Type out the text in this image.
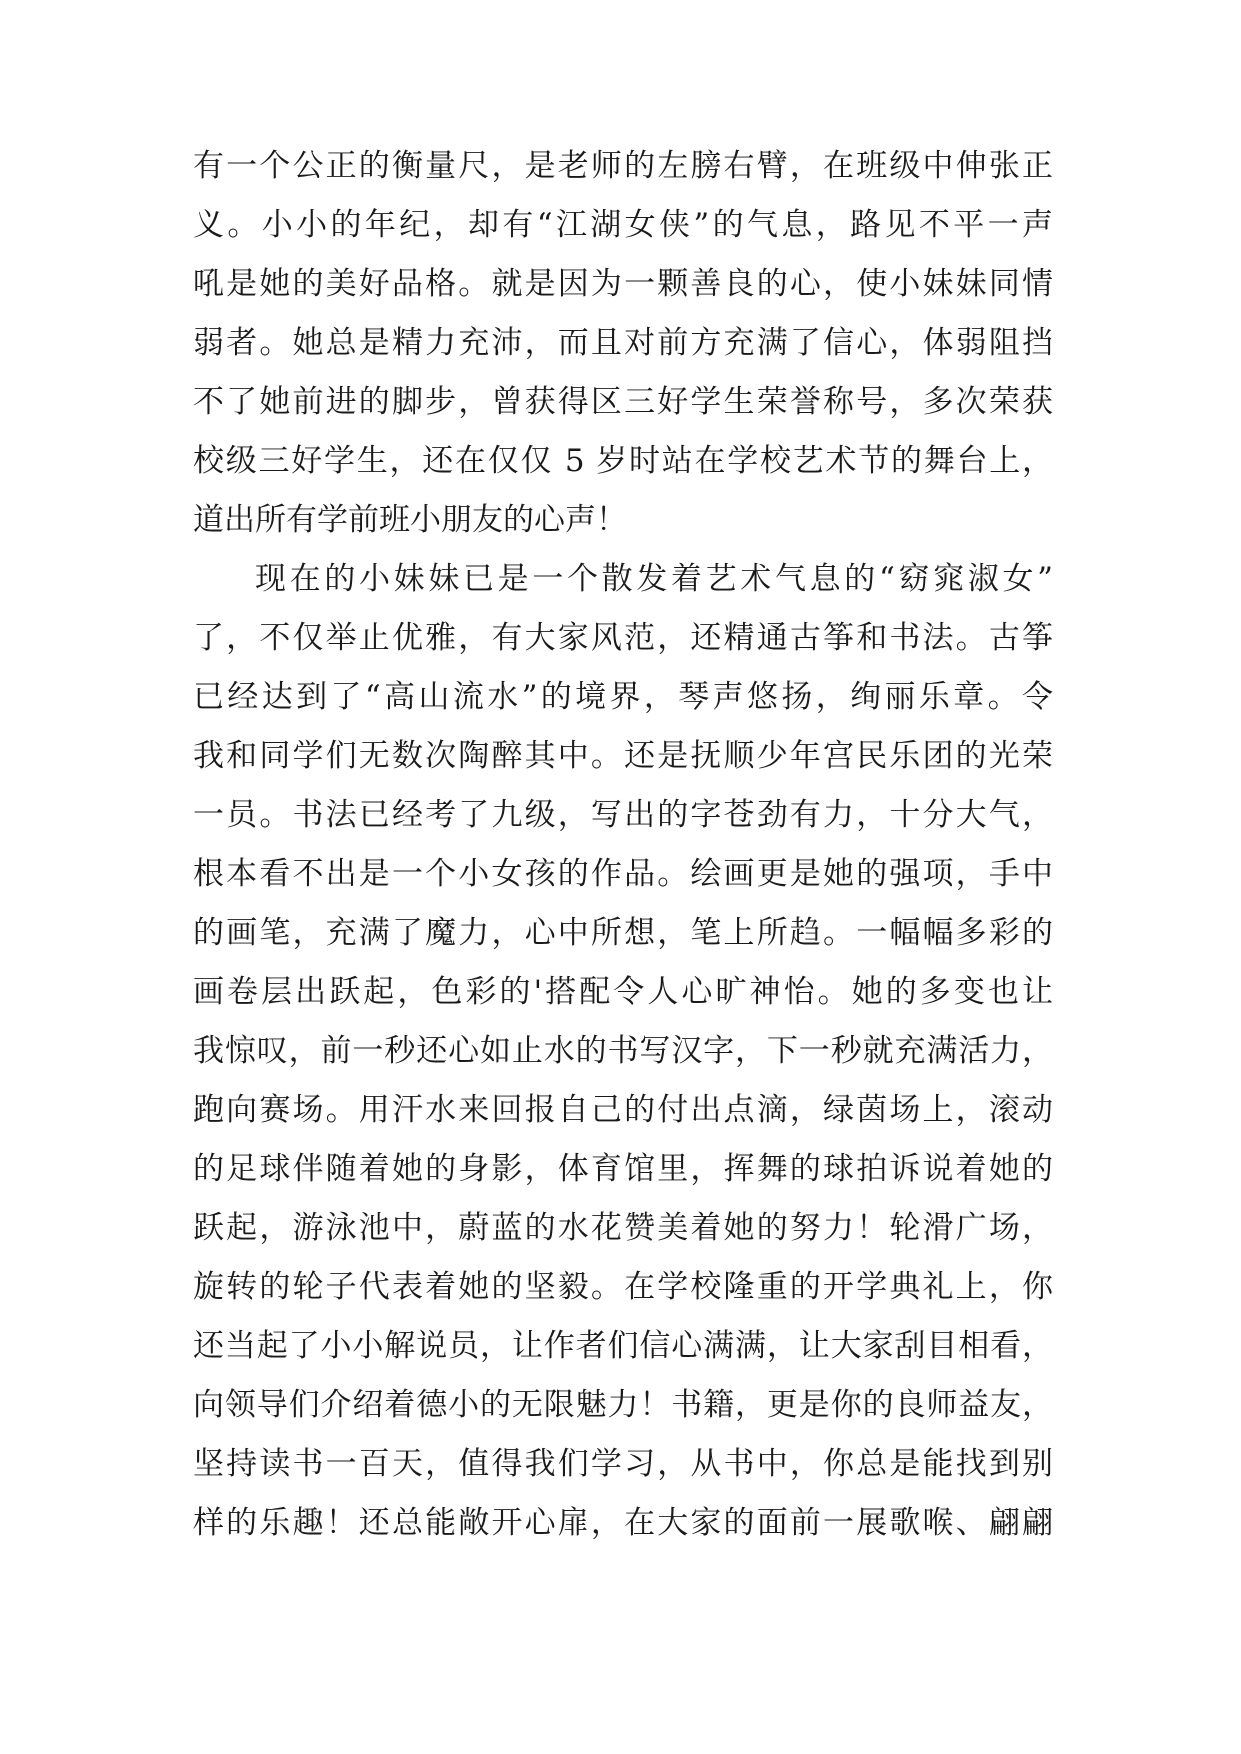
有一个公正的衡量尺，是老师的左膀右臂，在班级中伸张正
义。小小的年纪，却有“江湖女侠”的气息，路见不平一声
吼是她的美好品格。就是因为一颗善良的心，使小妹妹同情
弱者。她总是精力充沛，而且对前方充满了信心，体弱阻挡
不了她前进的脚步，曾获得区三好学生荣誉称号，多次荣获
校级三好学生，还在仅仅 5 岁时站在学校艺术节的舞台上，
道出所有学前班小朋友的心声！
现在的小妹妹已是一个散发着艺术气息的“窈窕淑女”
了，不仅举止优雅，有大家风范，还精通古筝和书法。古筝
已经达到了“高山流水”的境界，琴声悠扬，绚丽乐章。令
我和同学们无数次陶醉其中。还是抚顺少年宫民乐团的光荣
一员。书法已经考了九级，写出的字苍劲有力，十分大气，
根本看不出是一个小女孩的作品。绘画更是她的强项，手中
的画笔，充满了魔力，心中所想，笔上所趋。一幅幅多彩的
画卷层出跃起，色彩的'搭配令人心旷神怡。她的多变也让
我惊叹，前一秒还心如止水的书写汉字，下一秒就充满活力，
跑向赛场。用汗水来回报自己的付出点滴，绿茵场上，滚动
的足球伴随着她的身影，体育馆里，挥舞的球拍诉说着她的
跃起，游泳池中，蔚蓝的水花赞美着她的努力！轮滑广场，
旋转的轮子代表着她的坚毅。在学校隆重的开学典礼上，你
还当起了小小解说员，让作者们信心满满，让大家刮目相看，
向领导们介绍着德小的无限魅力！书籍，更是你的良师益友，
坚持读书一百天，值得我们学习，从书中，你总是能找到别
样的乐趣！还总能敞开心扉，在大家的面前一展歌喉、翩翩
